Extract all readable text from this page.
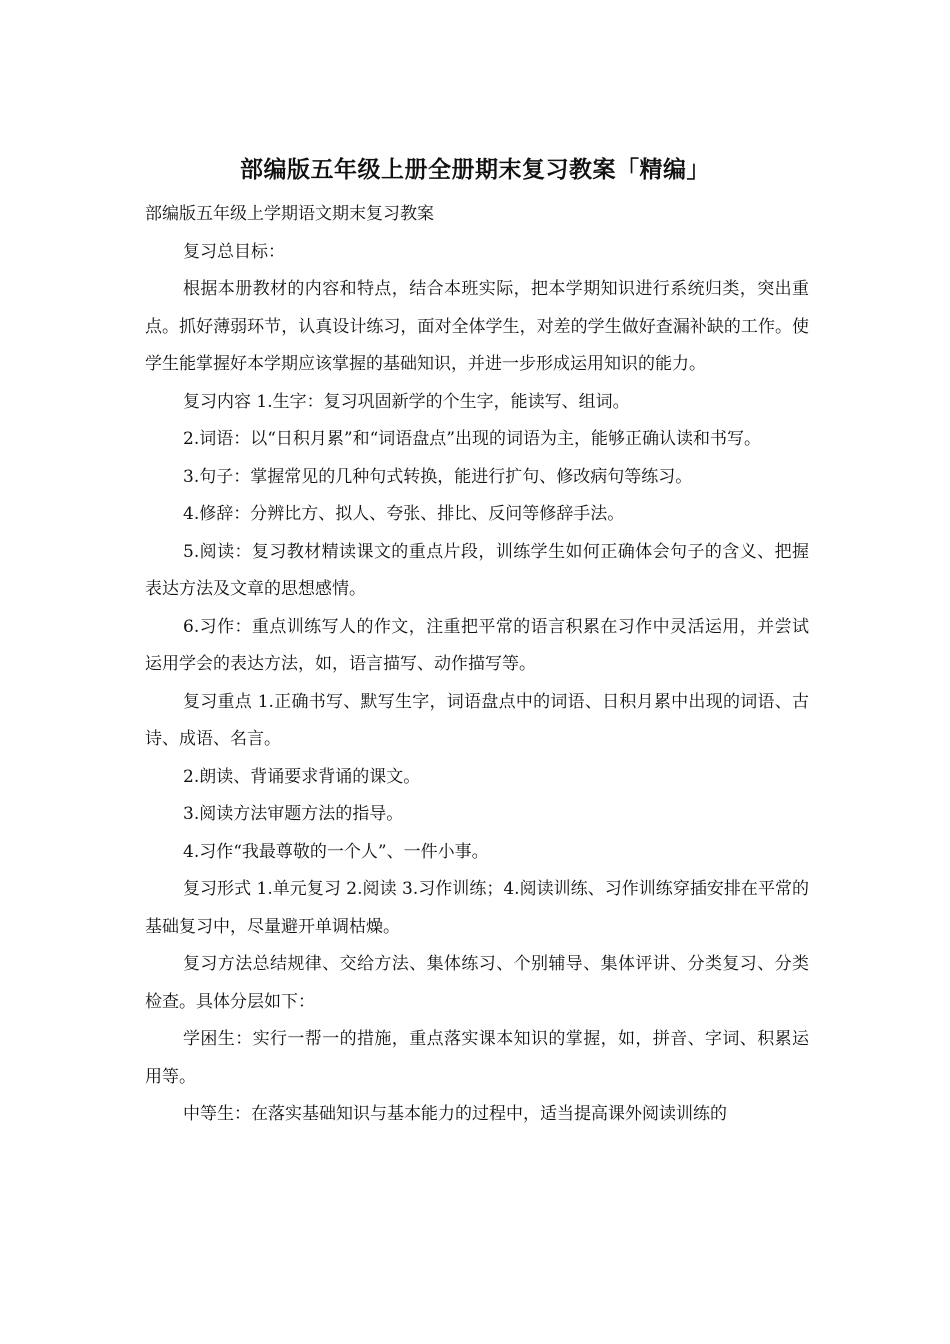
部编版五年级上册全册期末复习教案「精编」

部编版五年级上学期语文期末复习教案

复习总目标：

根据本册教材的内容和特点，结合本班实际，把本学期知识进行系统归类，突出重点。抓好薄弱环节，认真设计练习，面对全体学生，对差的学生做好查漏补缺的工作。使学生能掌握好本学期应该掌握的基础知识，并进一步形成运用知识的能力。

复习内容 1.生字：复习巩固新学的个生字，能读写、组词。

2.词语：以“日积月累”和“词语盘点”出现的词语为主，能够正确认读和书写。

3.句子：掌握常见的几种句式转换，能进行扩句、修改病句等练习。

4.修辞：分辨比方、拟人、夸张、排比、反问等修辞手法。

5.阅读：复习教材精读课文的重点片段，训练学生如何正确体会句子的含义、把握表达方法及文章的思想感情。

6.习作：重点训练写人的作文，注重把平常的语言积累在习作中灵活运用，并尝试运用学会的表达方法，如，语言描写、动作描写等。

复习重点 1.正确书写、默写生字，词语盘点中的词语、日积月累中出现的词语、古诗、成语、名言。

2.朗读、背诵要求背诵的课文。

3.阅读方法审题方法的指导。

4.习作“我最尊敬的一个人”、一件小事。

复习形式 1.单元复习 2.阅读 3.习作训练；4.阅读训练、习作训练穿插安排在平常的基础复习中，尽量避开单调枯燥。

复习方法总结规律、交给方法、集体练习、个别辅导、集体评讲、分类复习、分类检查。具体分层如下：

学困生：实行一帮一的措施，重点落实课本知识的掌握，如，拼音、字词、积累运用等。

中等生：在落实基础知识与基本能力的过程中，适当提高课外阅读训练的
